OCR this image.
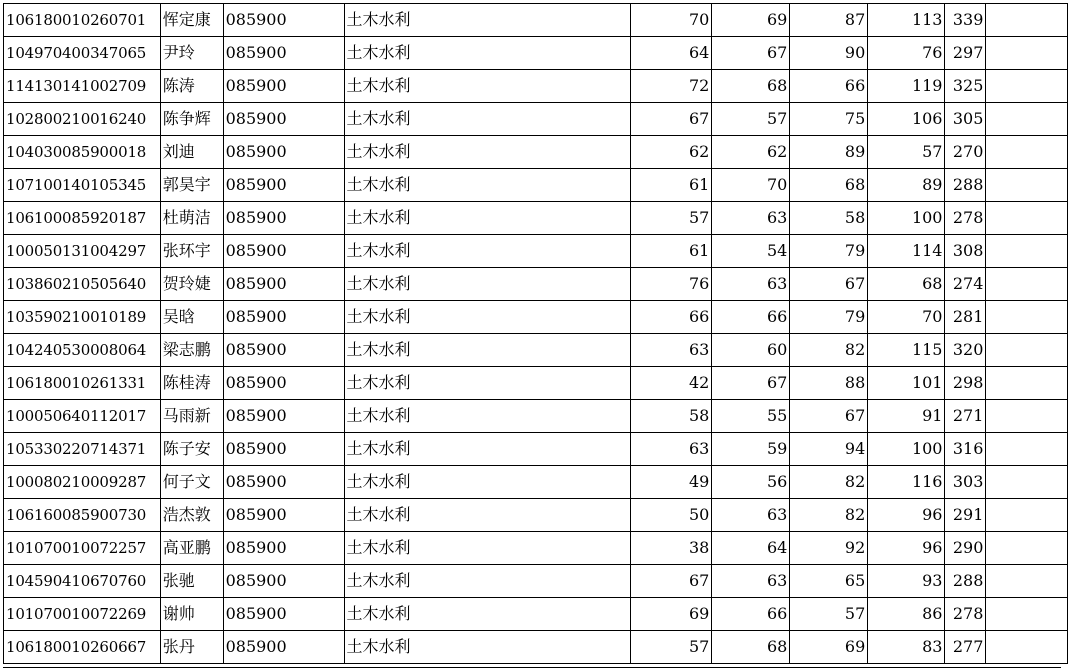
106180010260701	恽定康	085900	土木水利	70	69	87	113	339	
104970400347065	尹玲	085900	土木水利	64	67	90	76	297	
114130141002709	陈涛	085900	土木水利	72	68	66	119	325	
102800210016240	陈争辉	085900	土木水利	67	57	75	106	305	
104030085900018	刘迪	085900	土木水利	62	62	89	57	270	
107100140105345	郭昊宇	085900	土木水利	61	70	68	89	288	
106100085920187	杜萌洁	085900	土木水利	57	63	58	100	278	
100050131004297	张环宇	085900	土木水利	61	54	79	114	308	
103860210505640	贺玲婕	085900	土木水利	76	63	67	68	274	
103590210010189	吴晗	085900	土木水利	66	66	79	70	281	
104240530008064	梁志鹏	085900	土木水利	63	60	82	115	320	
106180010261331	陈桂涛	085900	土木水利	42	67	88	101	298	
100050640112017	马雨新	085900	土木水利	58	55	67	91	271	
105330220714371	陈子安	085900	土木水利	63	59	94	100	316	
100080210009287	何子文	085900	土木水利	49	56	82	116	303	
106160085900730	浩杰敦	085900	土木水利	50	63	82	96	291	
101070010072257	高亚鹏	085900	土木水利	38	64	92	96	290	
104590410670760	张驰	085900	土木水利	67	63	65	93	288	
101070010072269	谢帅	085900	土木水利	69	66	57	86	278	
106180010260667	张丹	085900	土木水利	57	68	69	83	277	
